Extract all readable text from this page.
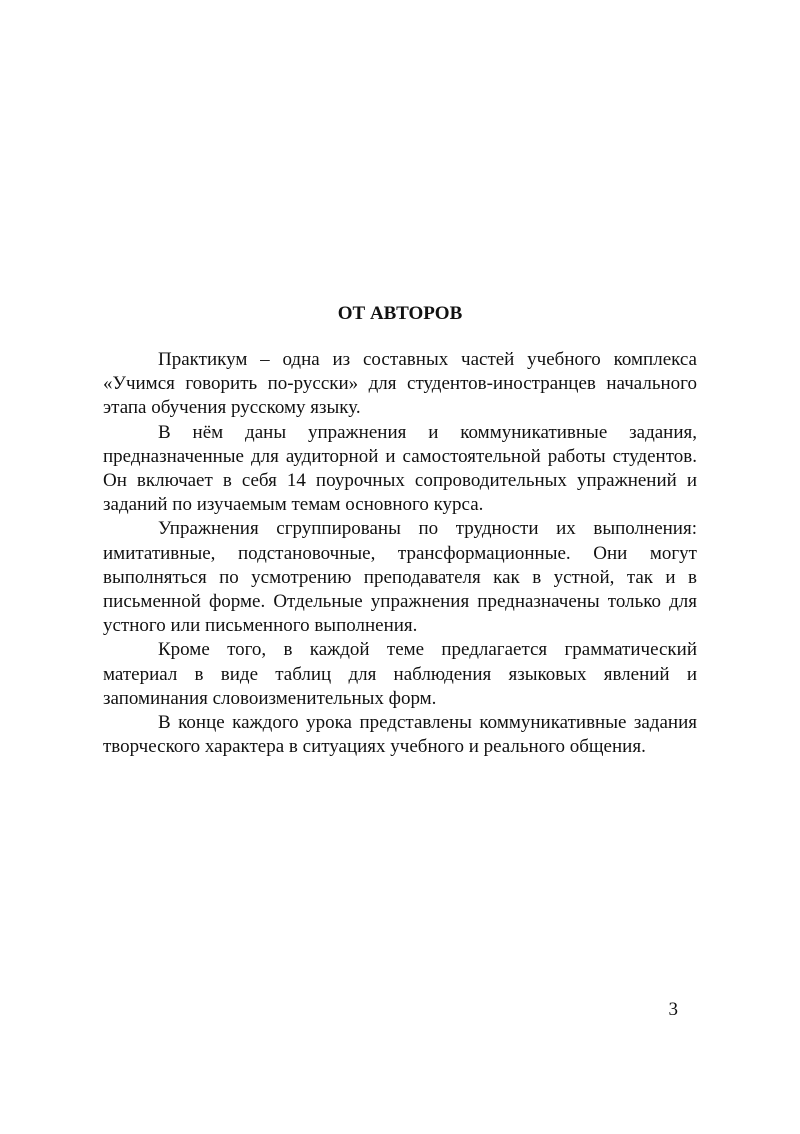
ОТ АВТОРОВ

Практикум – одна из составных частей учебного комплекса «Учимся говорить по-русски» для студентов-иностранцев начального этапа обучения русскому языку.

В нём даны упражнения и коммуникативные задания, предназначенные для аудиторной и самостоятельной работы студентов. Он включает в себя 14 поурочных сопроводительных упражнений и заданий по изучаемым темам основного курса.

Упражнения сгруппированы по трудности их выполнения: имитативные, подстановочные, трансформационные. Они могут выполняться по усмотрению преподавателя как в устной, так и в письменной форме. Отдельные упражнения предназначены только для устного или письменного выполнения.

Кроме того, в каждой теме предлагается грамматический материал в виде таблиц для наблюдения языковых явлений и запоминания словоизменительных форм.

В конце каждого урока представлены коммуникативные задания творческого характера в ситуациях учебного и реального общения.

3
